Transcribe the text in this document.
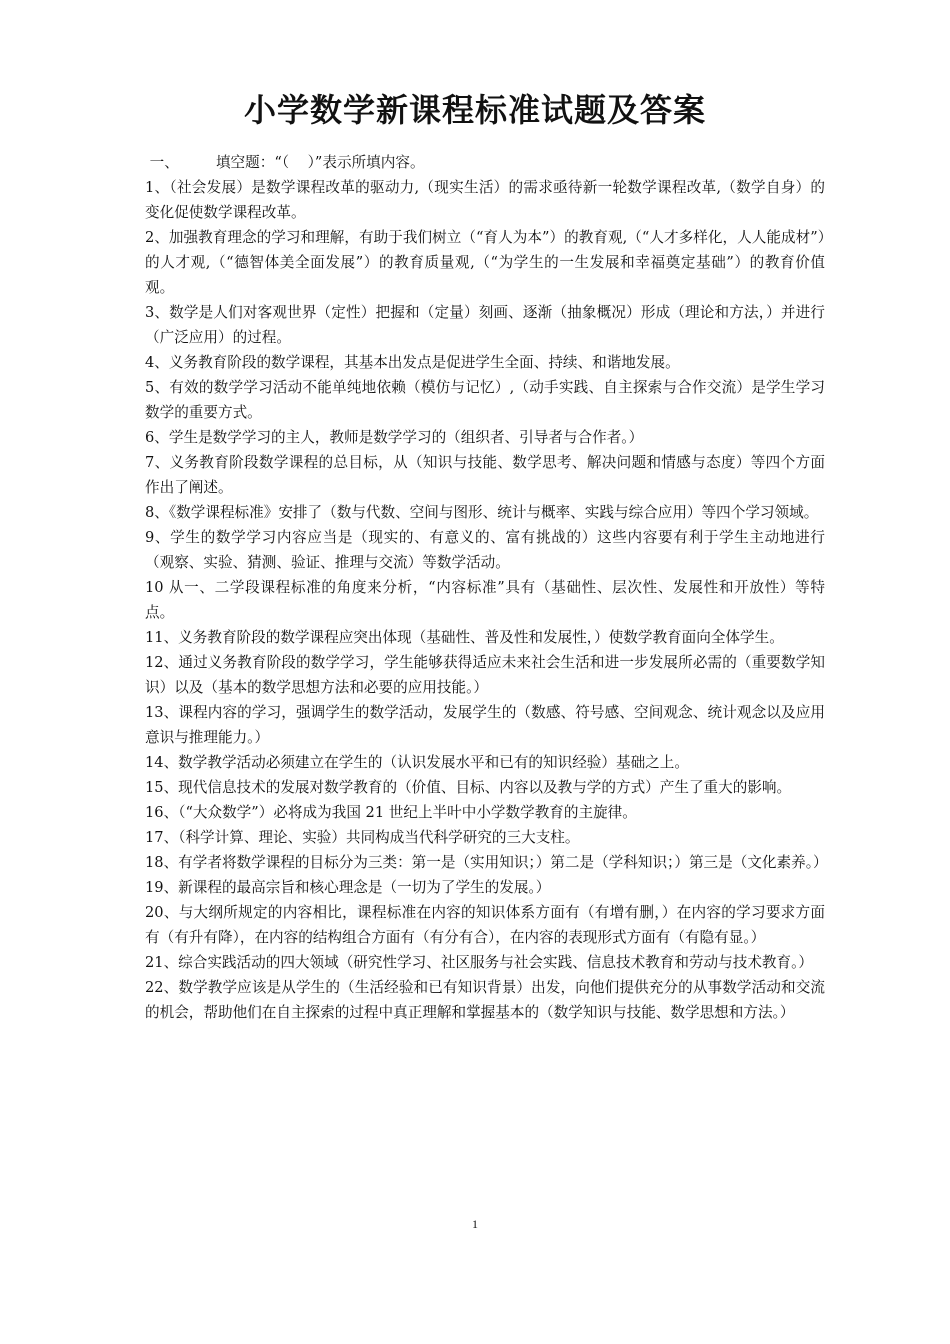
小学数学新课程标准试题及答案

一、        填空题：“（    ）”表示所填内容。

1、（社会发展）是数学课程改革的驱动力,（现实生活）的需求亟待新一轮数学课程改革,（数学自身）的变化促使数学课程改革。

2、加强教育理念的学习和理解，有助于我们树立（“育人为本”）的教育观,（“人才多样化，人人能成材”）的人才观,（“德智体美全面发展”）的教育质量观,（“为学生的一生发展和幸福奠定基础”）的教育价值观。

3、数学是人们对客观世界（定性）把握和（定量）刻画、逐渐（抽象概况）形成（理论和方法，）并进行（广泛应用）的过程。

4、义务教育阶段的数学课程，其基本出发点是促进学生全面、持续、和谐地发展。

5、有效的数学学习活动不能单纯地依赖（模仿与记忆）,（动手实践、自主探索与合作交流）是学生学习数学的重要方式。

6、学生是数学学习的主人，教师是数学学习的（组织者、引导者与合作者。）

7、义务教育阶段数学课程的总目标，从（知识与技能、数学思考、解决问题和情感与态度）等四个方面作出了阐述。

8、《数学课程标准》安排了（数与代数、空间与图形、统计与概率、实践与综合应用）等四个学习领域。

9、学生的数学学习内容应当是（现实的、有意义的、富有挑战的）这些内容要有利于学生主动地进行（观察、实验、猜测、验证、推理与交流）等数学活动。

10 从一、二学段课程标准的角度来分析，“内容标准”具有（基础性、层次性、发展性和开放性）等特点。

11、义务教育阶段的数学课程应突出体现（基础性、普及性和发展性，）使数学教育面向全体学生。

12、通过义务教育阶段的数学学习，学生能够获得适应未来社会生活和进一步发展所必需的（重要数学知识）以及（基本的数学思想方法和必要的应用技能。）

13、课程内容的学习，强调学生的数学活动，发展学生的（数感、符号感、空间观念、统计观念以及应用意识与推理能力。）

14、数学教学活动必须建立在学生的（认识发展水平和已有的知识经验）基础之上。

15、现代信息技术的发展对数学教育的（价值、目标、内容以及教与学的方式）产生了重大的影响。

16、（“大众数学”）必将成为我国 21 世纪上半叶中小学数学教育的主旋律。

17、（科学计算、理论、实验）共同构成当代科学研究的三大支柱。

18、有学者将数学课程的目标分为三类：第一是（实用知识；）第二是（学科知识；）第三是（文化素养。）

19、新课程的最高宗旨和核心理念是（一切为了学生的发展。）

20、与大纲所规定的内容相比，课程标准在内容的知识体系方面有（有增有删，）在内容的学习要求方面有（有升有降），在内容的结构组合方面有（有分有合），在内容的表现形式方面有（有隐有显。）

21、综合实践活动的四大领域（研究性学习、社区服务与社会实践、信息技术教育和劳动与技术教育。）

22、数学教学应该是从学生的（生活经验和已有知识背景）出发，向他们提供充分的从事数学活动和交流的机会，帮助他们在自主探索的过程中真正理解和掌握基本的（数学知识与技能、数学思想和方法。）

1
